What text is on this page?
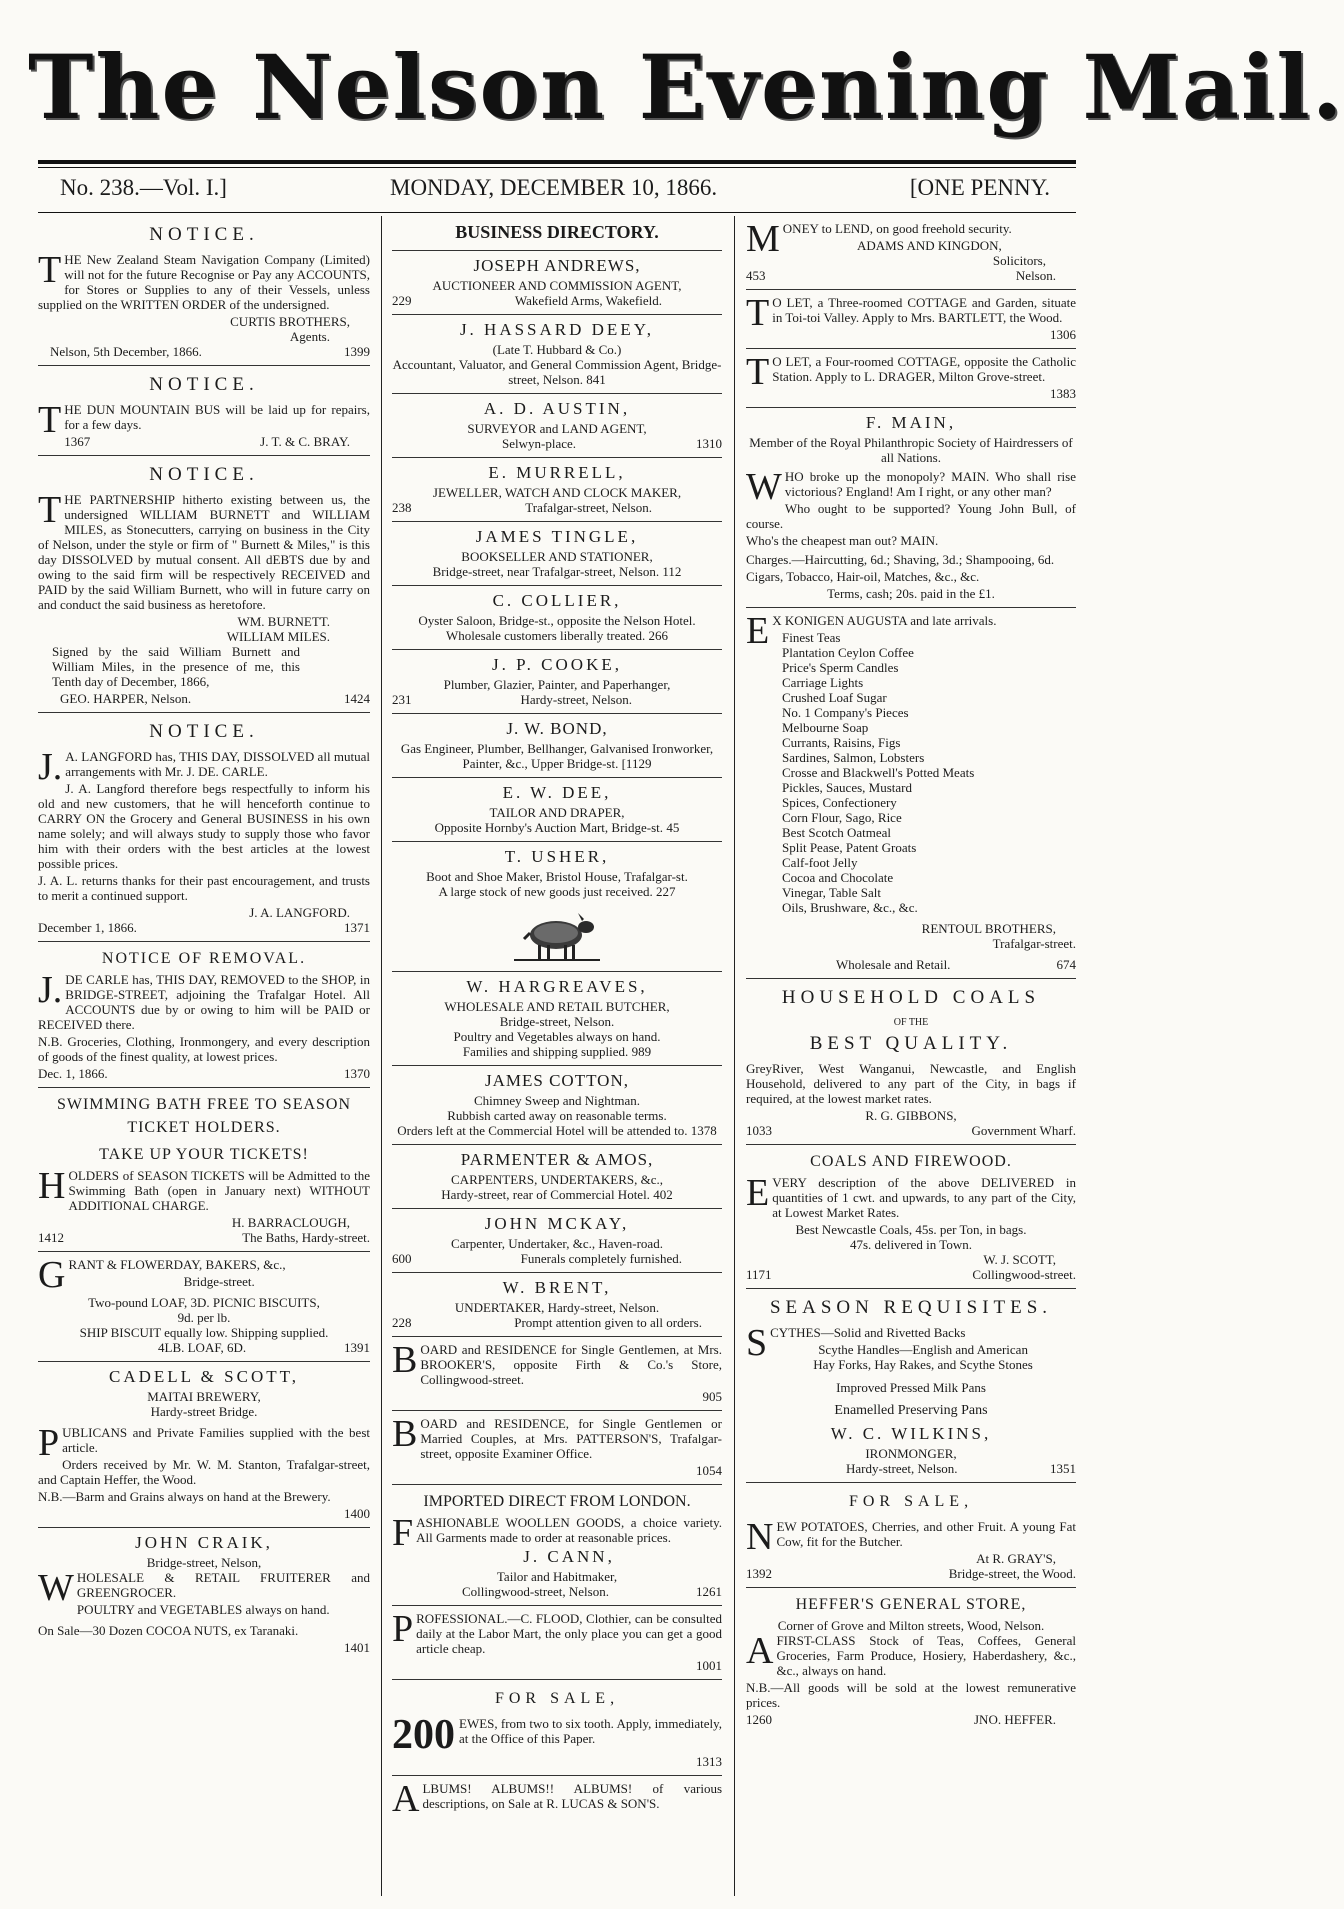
The Nelson Evening Mail.
No. 238.—Vol. I.]	MONDAY, DECEMBER 10, 1866.	[ONE PENNY.
NOTICE.

THE New Zealand Steam Navigation Company (Limited) will not for the future Recognise or Pay any ACCOUNTS, for Stores or Supplies to any of their Vessels, unless supplied on the WRITTEN ORDER of the undersigned.

CURTIS BROTHERS,
Agents.
Nelson, 5th December, 1866.	1399
NOTICE.

THE DUN MOUNTAIN BUS will be laid up for repairs, for a few days.

1367	J. T. & C. BRAY.
NOTICE.

THE PARTNERSHIP hitherto existing between us, the undersigned WILLIAM BURNETT and WILLIAM MILES, as Stonecutters, carrying on business in the City of Nelson, under the style or firm of " Burnett & Miles," is this day DISSOLVED by mutual consent. All dEBTS due by and owing to the said firm will be respectively RECEIVED and PAID by the said William Burnett, who will in future carry on and conduct the said business as heretofore.

WM. BURNETT.
WILLIAM MILES.

Signed by the said William Burnett and William Miles, in the presence of me, this Tenth day of December, 1866,

GEO. HARPER, Nelson.	1424
NOTICE.

J. A. LANGFORD has, THIS DAY, DISSOLVED all mutual arrangements with Mr. J. DE. CARLE.

J. A. Langford therefore begs respectfully to inform his old and new customers, that he will henceforth continue to CARRY ON the Grocery and General BUSINESS in his own name solely; and will always study to supply those who favor him with their orders with the best articles at the lowest possible prices.

J. A. L. returns thanks for their past encouragement, and trusts to merit a continued support.

J. A. LANGFORD.
December 1, 1866.	1371
NOTICE OF REMOVAL.

J. DE CARLE has, THIS DAY, REMOVED to the SHOP, in BRIDGE-STREET, adjoining the Trafalgar Hotel. All ACCOUNTS due by or owing to him will be PAID or RECEIVED there.

N.B. Groceries, Clothing, Ironmongery, and every description of goods of the finest quality, at lowest prices.

Dec. 1, 1866.	1370
SWIMMING BATH FREE TO SEASON
TICKET HOLDERS.
TAKE UP YOUR TICKETS!

HOLDERS of SEASON TICKETS will be Admitted to the Swimming Bath (open in January next) WITHOUT ADDITIONAL CHARGE.

H. BARRACLOUGH,
1412	The Baths, Hardy-street.

GRANT & FLOWERDAY, BAKERS, &c.,

Bridge-street.
Two-pound LOAF, 3D. PICNIC BISCUITS,
9d. per lb.
SHIP BISCUIT equally low. Shipping supplied.
4LB. LOAF, 6D.	1391
CADELL & SCOTT,
MAITAI BREWERY,
Hardy-street Bridge.

PUBLICANS and Private Families supplied with the best article.

Orders received by Mr. W. M. Stanton, Trafalgar-street, and Captain Heffer, the Wood.

N.B.—Barm and Grains always on hand at the Brewery.

1400
JOHN CRAIK,
Bridge-street, Nelson,

WHOLESALE & RETAIL FRUITERER and GREENGROCER.

POULTRY and VEGETABLES always on hand.

On Sale—30 Dozen COCOA NUTS, ex Taranaki.

1401
BUSINESS DIRECTORY.
JOSEPH ANDREWS,
AUCTIONEER AND COMMISSION AGENT,
229	Wakefield Arms, Wakefield.
J. HASSARD DEEY,
(Late T. Hubbard & Co.)
Accountant, Valuator, and General Commission Agent, Bridge-street, Nelson. 841
A. D. AUSTIN,
SURVEYOR and LAND AGENT,
Selwyn-place.	1310
E. MURRELL,
JEWELLER, WATCH AND CLOCK MAKER,
238	Trafalgar-street, Nelson.
JAMES TINGLE,
BOOKSELLER AND STATIONER,
Bridge-street, near Trafalgar-street, Nelson. 112
C. COLLIER,
Oyster Saloon, Bridge-st., opposite the Nelson Hotel.
Wholesale customers liberally treated. 266
J. P. COOKE,
Plumber, Glazier, Painter, and Paperhanger,
231	Hardy-street, Nelson.
J. W. BOND,
Gas Engineer, Plumber, Bellhanger, Galvanised Ironworker, Painter, &c., Upper Bridge-st. [1129
E. W. DEE,
TAILOR AND DRAPER,
Opposite Hornby's Auction Mart, Bridge-st. 45
T. USHER,
Boot and Shoe Maker, Bristol House, Trafalgar-st.
A large stock of new goods just received. 227
W. HARGREAVES,
WHOLESALE AND RETAIL BUTCHER,
Bridge-street, Nelson.
Poultry and Vegetables always on hand.
Families and shipping supplied. 989
JAMES COTTON,
Chimney Sweep and Nightman.
Rubbish carted away on reasonable terms.
Orders left at the Commercial Hotel will be attended to. 1378
PARMENTER & AMOS,
CARPENTERS, UNDERTAKERS, &c.,
Hardy-street, rear of Commercial Hotel. 402
JOHN MCKAY,
Carpenter, Undertaker, &c., Haven-road.
600	Funerals completely furnished.
W. BRENT,
UNDERTAKER, Hardy-street, Nelson.
228	Prompt attention given to all orders.

BOARD and RESIDENCE for Single Gentlemen, at Mrs. BROOKER'S, opposite Firth & Co.'s Store, Collingwood-street.

905

BOARD and RESIDENCE, for Single Gentlemen or Married Couples, at Mrs. PATTERSON'S, Trafalgar-street, opposite Examiner Office.

1054
IMPORTED DIRECT FROM LONDON.

FASHIONABLE WOOLLEN GOODS, a choice variety. All Garments made to order at reasonable prices.

J. CANN,
Tailor and Habitmaker,
Collingwood-street, Nelson.	1261

PROFESSIONAL.—C. FLOOD, Clothier, can be consulted daily at the Labor Mart, the only place you can get a good article cheap.

1001
FOR SALE,

200 EWES, from two to six tooth. Apply, immediately, at the Office of this Paper.

1313

ALBUMS! ALBUMS!! ALBUMS! of various descriptions, on Sale at R. LUCAS & SON'S.

MONEY to LEND, on good freehold security.

ADAMS AND KINGDON,
Solicitors,
453	Nelson.

T O LET, a Three-roomed COTTAGE and Garden, situate in Toi-toi Valley. Apply to Mrs. BARTLETT, the Wood.

1306

T O LET, a Four-roomed COTTAGE, opposite the Catholic Station. Apply to L. DRAGER, Milton Grove-street.

1383
F. MAIN,
Member of the Royal Philanthropic Society of Hairdressers of all Nations.

WHO broke up the monopoly? MAIN. Who shall rise victorious? England! Am I right, or any other man?

Who ought to be supported? Young John Bull, of course.

Who's the cheapest man out? MAIN.

Charges.—Haircutting, 6d.; Shaving, 3d.; Shampooing, 6d.

Cigars, Tobacco, Hair-oil, Matches, &c., &c.

Terms, cash; 20s. paid in the £1.

E X KONIGEN AUGUSTA and late arrivals.

Finest Teas
Plantation Ceylon Coffee
Price's Sperm Candles
Carriage Lights
Crushed Loaf Sugar
No. 1 Company's Pieces
Melbourne Soap
Currants, Raisins, Figs
Sardines, Salmon, Lobsters
Crosse and Blackwell's Potted Meats
Pickles, Sauces, Mustard
Spices, Confectionery
Corn Flour, Sago, Rice
Best Scotch Oatmeal
Split Pease, Patent Groats
Calf-foot Jelly
Cocoa and Chocolate
Vinegar, Table Salt
Oils, Brushware, &c., &c.
RENTOUL BROTHERS,
Trafalgar-street.
Wholesale and Retail.	674
HOUSEHOLD COALS
OF THE
BEST QUALITY.

GreyRiver, West Wanganui, Newcastle, and English Household, delivered to any part of the City, in bags if required, at the lowest market rates.

R. G. GIBBONS,
1033	Government Wharf.
COALS AND FIREWOOD.

EVERY description of the above DELIVERED in quantities of 1 cwt. and upwards, to any part of the City, at Lowest Market Rates.

Best Newcastle Coals, 45s. per Ton, in bags.
47s. delivered in Town.
W. J. SCOTT,
1171	Collingwood-street.
SEASON REQUISITES.

SCYTHES—Solid and Rivetted Backs

Scythe Handles—English and American
Hay Forks, Hay Rakes, and Scythe Stones
Improved Pressed Milk Pans
Enamelled Preserving Pans
W. C. WILKINS,
IRONMONGER,
Hardy-street, Nelson.	1351
FOR SALE,

NEW POTATOES, Cherries, and other Fruit. A young Fat Cow, fit for the Butcher.

At R. GRAY'S,
1392	Bridge-street, the Wood.
HEFFER'S GENERAL STORE,
Corner of Grove and Milton streets, Wood, Nelson.

AFIRST-CLASS Stock of Teas, Coffees, General Groceries, Farm Produce, Hosiery, Haberdashery, &c., &c., always on hand.

N.B.—All goods will be sold at the lowest remunerative prices.

1260	JNO. HEFFER.
